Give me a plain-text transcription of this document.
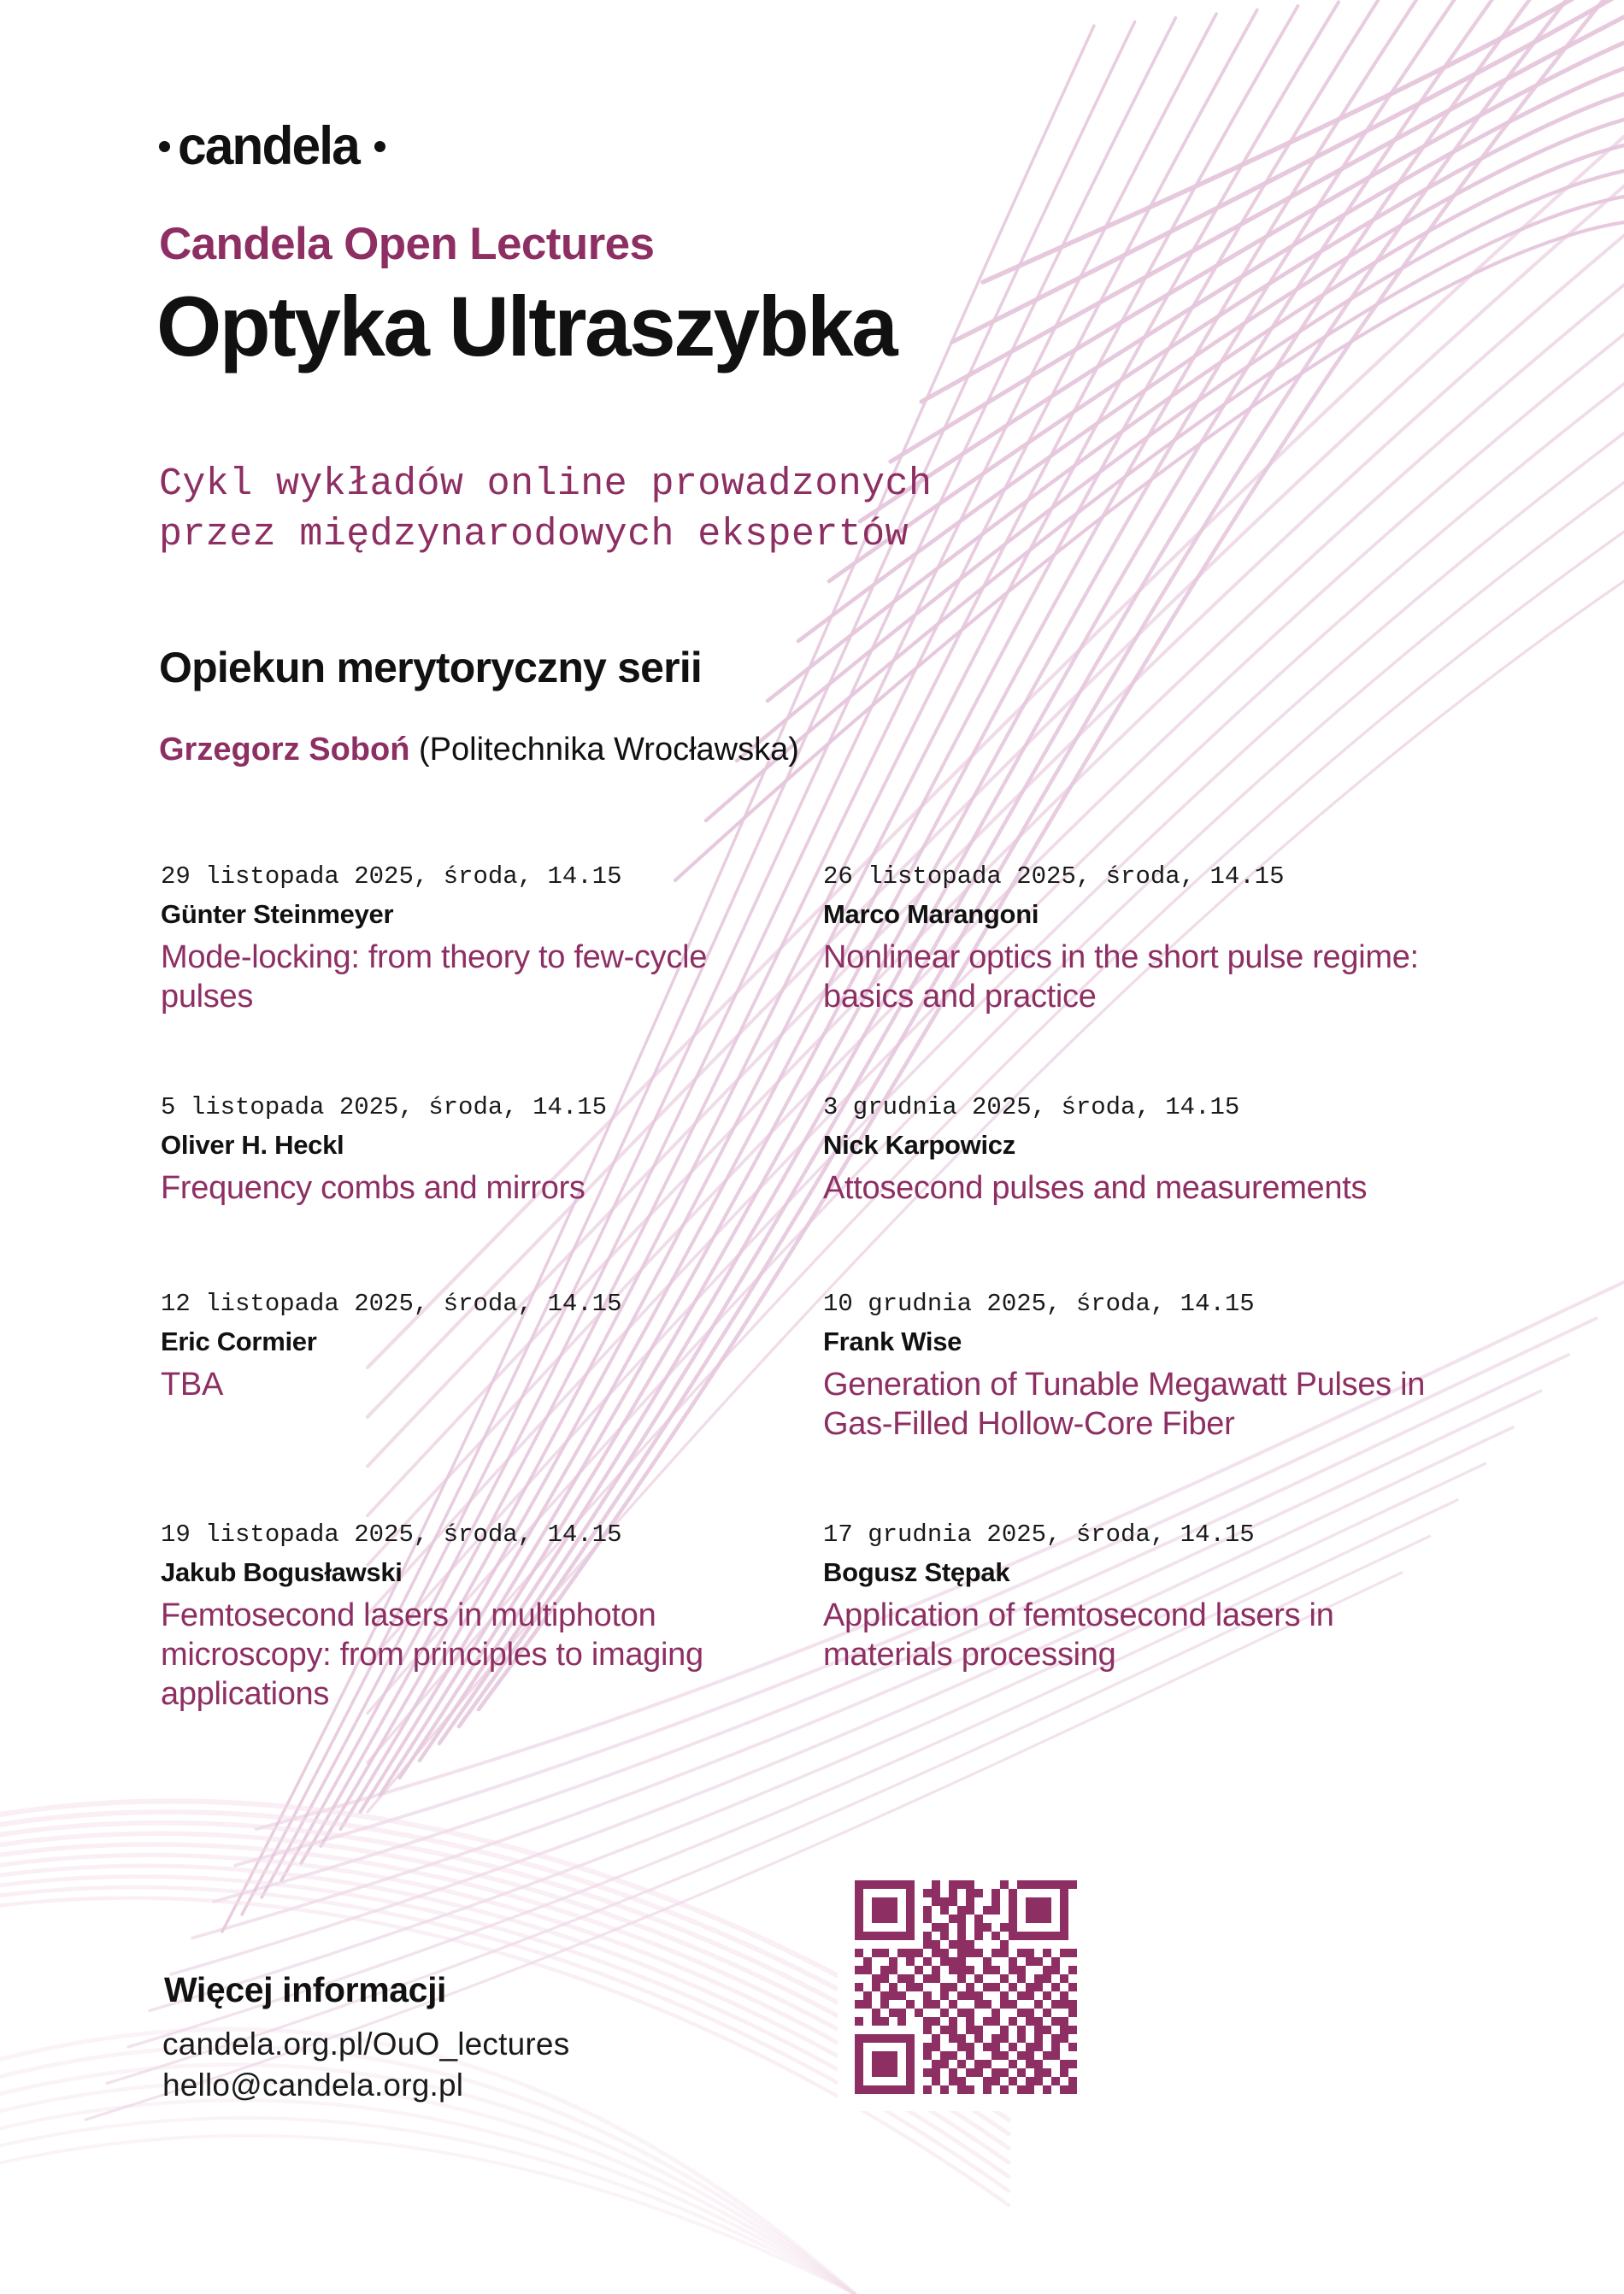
candela
Candela Open Lectures
Optyka Ultraszybka
Cykl wykładów online prowadzonych
przez międzynarodowych ekspertów
Opiekun merytoryczny serii
Grzegorz Soboń (Politechnika Wrocławska)
29 listopada 2025, środa, 14.15
Günter Steinmeyer
Mode-locking: from theory to few-cycle pulses
5 listopada 2025, środa, 14.15
Oliver H. Heckl
Frequency combs and mirrors
12 listopada 2025, środa, 14.15
Eric Cormier
TBA
19 listopada 2025, środa, 14.15
Jakub Bogusławski
Femtosecond lasers in multiphoton microscopy: from principles to imaging applications
26 listopada 2025, środa, 14.15
Marco Marangoni
Nonlinear optics in the short pulse regime: basics and practice
3 grudnia 2025, środa, 14.15
Nick Karpowicz
Attosecond pulses and measurements
10 grudnia 2025, środa, 14.15
Frank Wise
Generation of Tunable Megawatt Pulses in Gas-Filled Hollow-Core Fiber
17 grudnia 2025, środa, 14.15
Bogusz Stępak
Application of femtosecond lasers in materials processing
Więcej informacji
candela.org.pl/OuO_lectures
hello@candela.org.pl
